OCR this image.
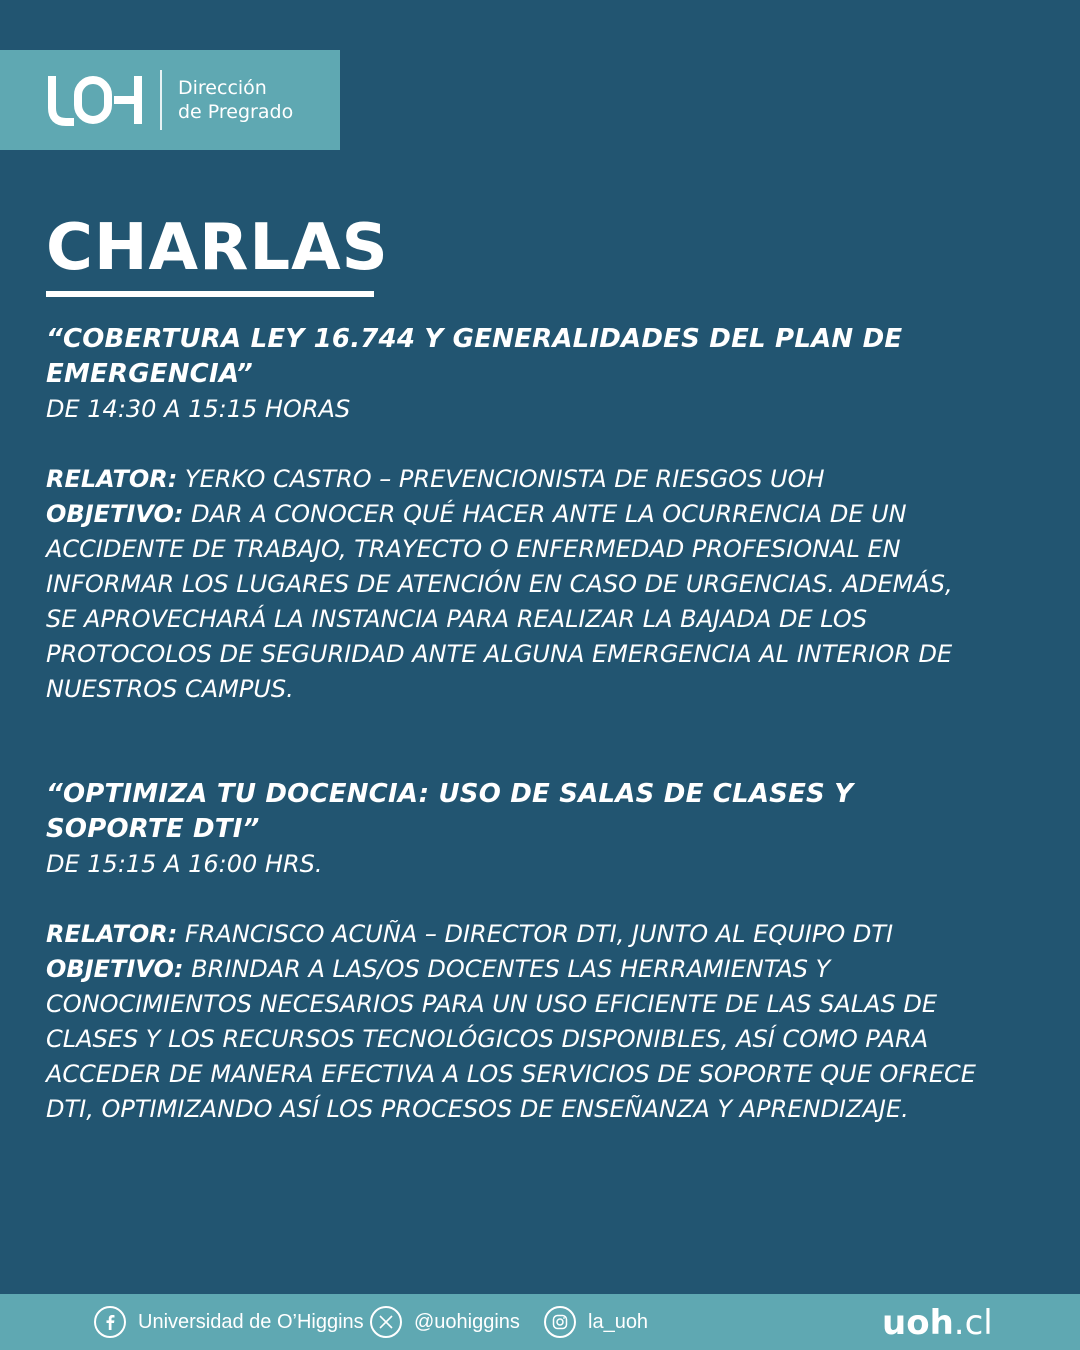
Dirección
de Pregrado
CHARLAS

“COBERTURA LEY 16.744 Y GENERALIDADES DEL PLAN DE EMERGENCIA”

DE 14:30 A 15:15 HORAS

RELATOR: YERKO CASTRO – PREVENCIONISTA DE RIESGOS UOH

OBJETIVO: DAR A CONOCER QUÉ HACER ANTE LA OCURRENCIA DE UN ACCIDENTE DE TRABAJO, TRAYECTO O ENFERMEDAD PROFESIONAL EN INFORMAR LOS LUGARES DE ATENCIÓN EN CASO DE URGENCIAS. ADEMÁS, SE APROVECHARÁ LA INSTANCIA PARA REALIZAR LA BAJADA DE LOS PROTOCOLOS DE SEGURIDAD ANTE ALGUNA EMERGENCIA AL INTERIOR DE NUESTROS CAMPUS.

“OPTIMIZA TU DOCENCIA: USO DE SALAS DE CLASES Y SOPORTE DTI”

DE 15:15 A 16:00 HRS.

RELATOR: FRANCISCO ACUÑA – DIRECTOR DTI, JUNTO AL EQUIPO DTI

OBJETIVO: BRINDAR A LAS/OS DOCENTES LAS HERRAMIENTAS Y CONOCIMIENTOS NECESARIOS PARA UN USO EFICIENTE DE LAS SALAS DE CLASES Y LOS RECURSOS TECNOLÓGICOS DISPONIBLES, ASÍ COMO PARA ACCEDER DE MANERA EFECTIVA A LOS SERVICIOS DE SOPORTE QUE OFRECE DTI, OPTIMIZANDO ASÍ LOS PROCESOS DE ENSEÑANZA Y APRENDIZAJE.

Universidad de O’Higgins	@uohiggins	la_uoh	uoh.cl
